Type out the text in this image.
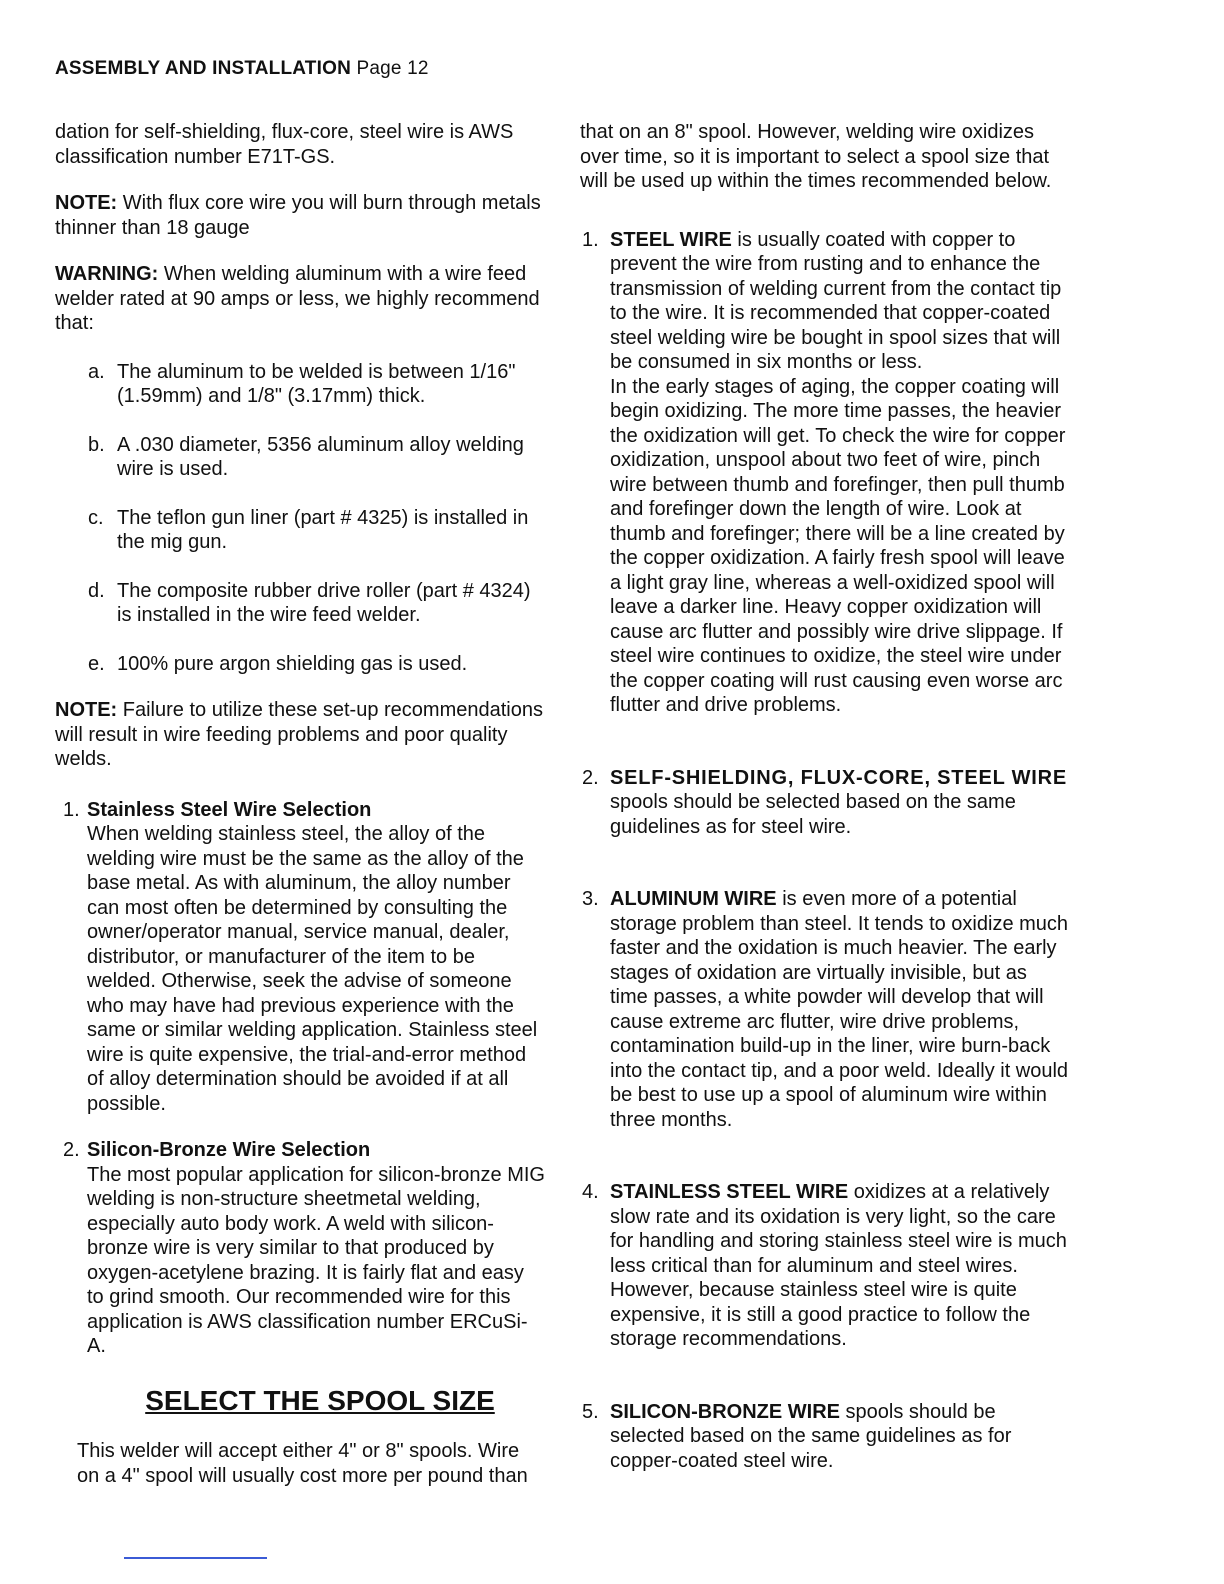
ASSEMBLY AND INSTALLATION Page 12

dation for self-shielding, flux-core, steel wire is AWS classification number E71T-GS.

NOTE: With flux core wire you will burn through metals thinner than 18 gauge

WARNING: When welding aluminum with a wire feed welder rated at 90 amps or less, we highly recommend that:

a. The aluminum to be welded is between 1/16" (1.59mm) and 1/8" (3.17mm) thick.
b. A .030 diameter, 5356 aluminum alloy welding wire is used.
c. The teflon gun liner (part # 4325) is installed in the mig gun.
d. The composite rubber drive roller (part # 4324) is installed in the wire feed welder.
e. 100% pure argon shielding gas is used.

NOTE: Failure to utilize these set-up recommendations will result in wire feeding problems and poor quality welds.

1. Stainless Steel Wire Selection
When welding stainless steel, the alloy of the welding wire must be the same as the alloy of the base metal. As with aluminum, the alloy number can most often be determined by consulting the owner/operator manual, service manual, dealer, distributor, or manufacturer of the item to be welded. Otherwise, seek the advise of someone who may have had previous experience with the same or similar welding application. Stainless steel wire is quite expensive, the trial-and-error method of alloy determination should be avoided if at all possible.
2. Silicon-Bronze Wire Selection
The most popular application for silicon-bronze MIG welding is non-structure sheetmetal welding, especially auto body work. A weld with silicon-bronze wire is very similar to that produced by oxygen-acetylene brazing. It is fairly flat and easy to grind smooth. Our recommended wire for this application is AWS classification number ERCuSi-A.
SELECT THE SPOOL SIZE

This welder will accept either 4" or 8" spools. Wire on a 4" spool will usually cost more per pound than

that on an 8" spool. However, welding wire oxidizes over time, so it is important to select a spool size that will be used up within the times recommended below.

1. STEEL WIRE is usually coated with copper to prevent the wire from rusting and to enhance the transmission of welding current from the contact tip to the wire. It is recommended that copper-coated steel welding wire be bought in spool sizes that will be consumed in six months or less.
In the early stages of aging, the copper coating will begin oxidizing. The more time passes, the heavier the oxidization will get. To check the wire for copper oxidization, unspool about two feet of wire, pinch wire between thumb and forefinger, then pull thumb and forefinger down the length of wire. Look at thumb and forefinger; there will be a line created by the copper oxidization. A fairly fresh spool will leave a light gray line, whereas a well-oxidized spool will leave a darker line. Heavy copper oxidization will cause arc flutter and possibly wire drive slippage. If steel wire continues to oxidize, the steel wire under the copper coating will rust causing even worse arc flutter and drive problems.
2. SELF-SHIELDING, FLUX-CORE, STEEL WIRE spools should be selected based on the same guidelines as for steel wire.
3. ALUMINUM WIRE is even more of a potential storage problem than steel. It tends to oxidize much faster and the oxidation is much heavier. The early stages of oxidation are virtually invisible, but as time passes, a white powder will develop that will cause extreme arc flutter, wire drive problems, contamination build-up in the liner, wire burn-back into the contact tip, and a poor weld. Ideally it would be best to use up a spool of aluminum wire within three months.
4. STAINLESS STEEL WIRE oxidizes at a relatively slow rate and its oxidation is very light, so the care for handling and storing stainless steel wire is much less critical than for aluminum and steel wires. However, because stainless steel wire is quite expensive, it is still a good practice to follow the storage recommendations.
5. SILICON-BRONZE WIRE spools should be selected based on the same guidelines as for copper-coated steel wire.
